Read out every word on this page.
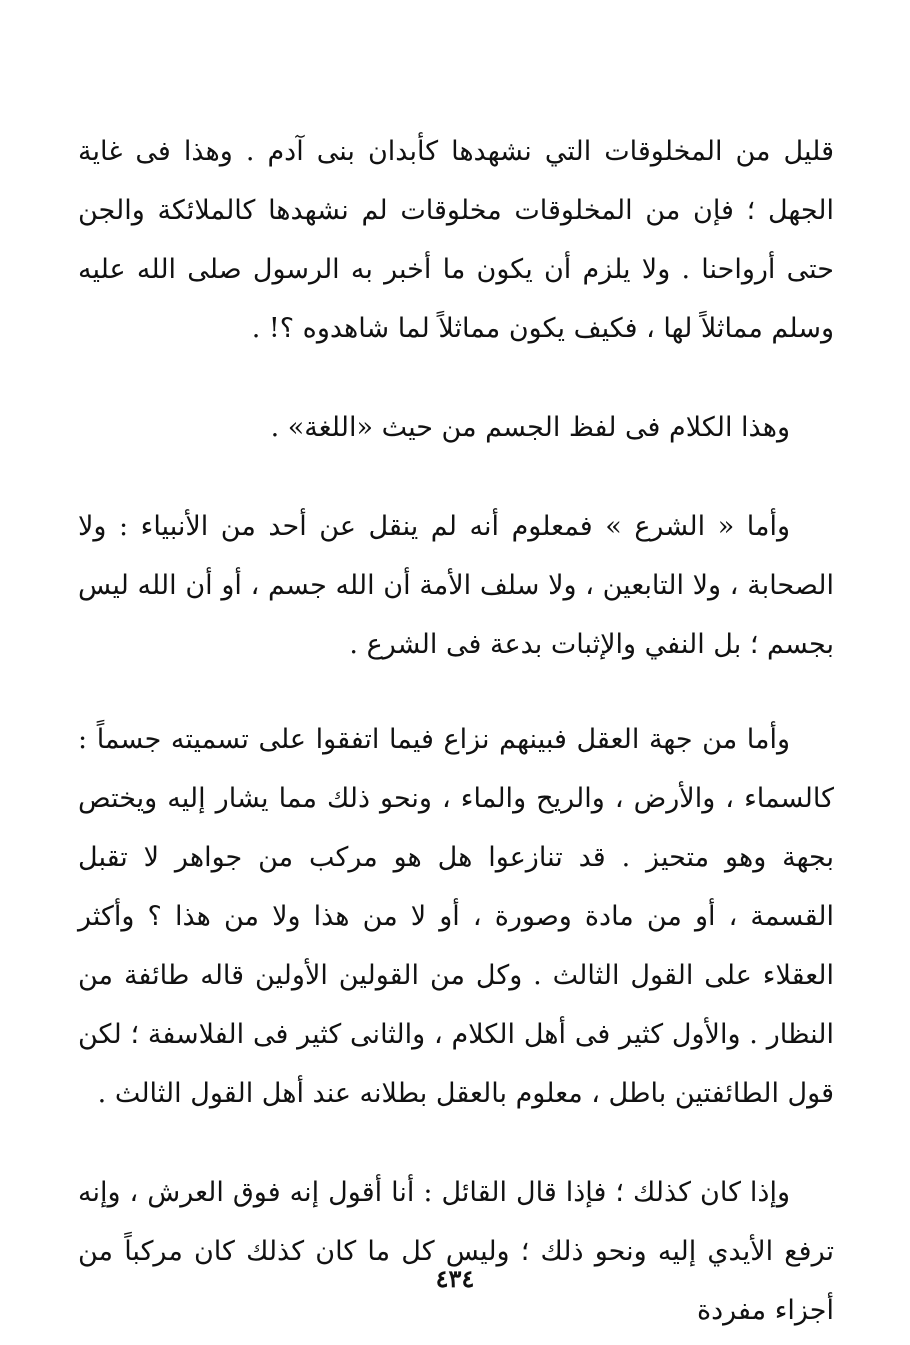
قليل من المخلوقات التي نشهدها كأبدان بنى آدم . وهذا فى غاية الجهل ؛ فإن من المخلوقات مخلوقات لم نشهدها كالملائكة والجن حتى أرواحنا . ولا يلزم أن يكون ما أخبر به الرسول صلى الله عليه وسلم مماثلاً لها ، فكيف يكون مماثلاً لما شاهدوه ؟! .

وهذا الكلام فى لفظ الجسم من حيث «اللغة» .

وأما « الشرع » فمعلوم أنه لم ينقل عن أحد من الأنبياء : ولا الصحابة ، ولا التابعين ، ولا سلف الأمة أن الله جسم ، أو أن الله ليس بجسم ؛ بل النفي والإثبات بدعة فى الشرع .

وأما من جهة العقل فبينهم نزاع فيما اتفقوا على تسميته جسماً : كالسماء ، والأرض ، والريح والماء ، ونحو ذلك مما يشار إليه ويختص بجهة وهو متحيز . قد تنازعوا هل هو مركب من جواهر لا تقبل القسمة ، أو من مادة وصورة ، أو لا من هذا ولا من هذا ؟ وأكثر العقلاء على القول الثالث . وكل من القولين الأولين قاله طائفة من النظار . والأول كثير فى أهل الكلام ، والثانى كثير فى الفلاسفة ؛ لكن قول الطائفتين باطل ، معلوم بالعقل بطلانه عند أهل القول الثالث .

وإذا كان كذلك ؛ فإذا قال القائل : أنا أقول إنه فوق العرش ، وإنه ترفع الأيدي إليه ونحو ذلك ؛ وليس كل ما كان كذلك كان مركباً من أجزاء مفردة

٤٣٤
